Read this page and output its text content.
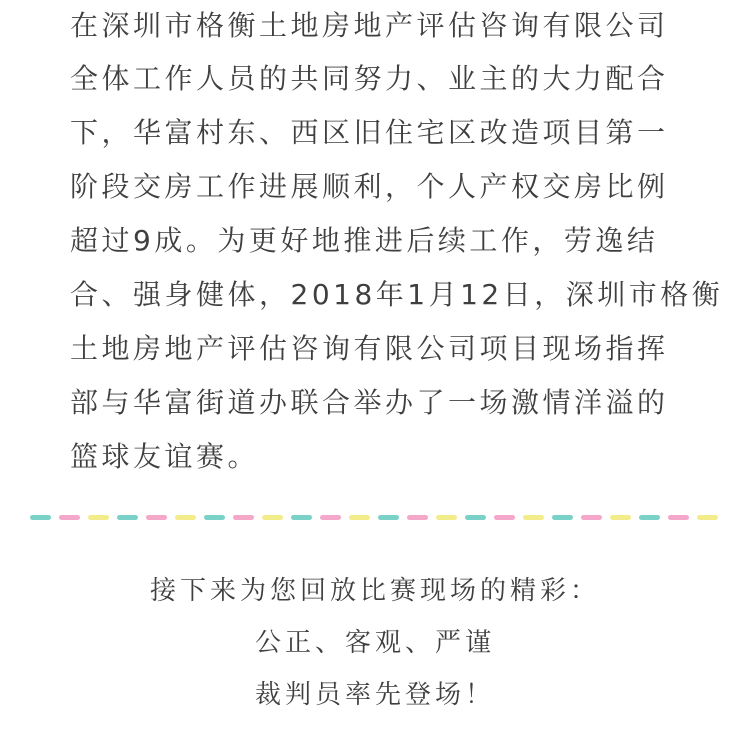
在深圳市格衡土地房地产评估咨询有限公司
全体工作人员的共同努力、业主的大力配合
下，华富村东、西区旧住宅区改造项目第一
阶段交房工作进展顺利，个人产权交房比例
超过9成。为更好地推进后续工作，劳逸结
合、强身健体，2018年1月12日，深圳市格衡
土地房地产评估咨询有限公司项目现场指挥
部与华富街道办联合举办了一场激情洋溢的
篮球友谊赛。
接下来为您回放比赛现场的精彩：
公正、客观、严谨
裁判员率先登场！
